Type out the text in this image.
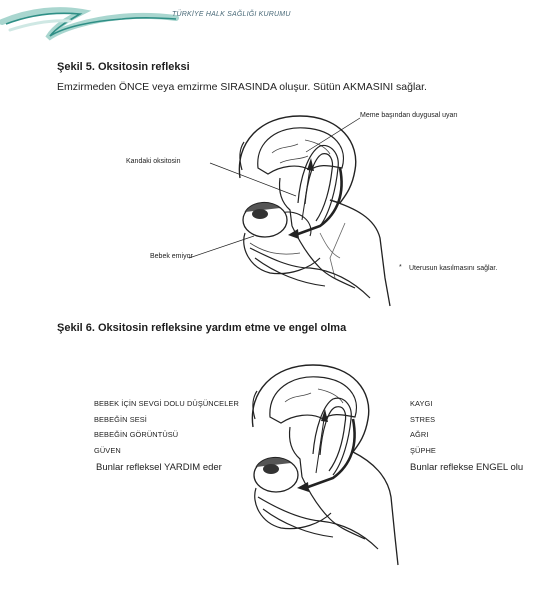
TÜRKİYE HALK SAĞLIĞI KURUMU
Şekil 5. Oksitosin refleksi
Emzirmeden ÖNCE veya emzirme SIRASINDA oluşur. Sütün AKMASINI sağlar.
Meme başından duygusal uyarı
Kandaki oksitosin
Bebek emiyor
* Uterusun kasılmasını sağlar.
Şekil 6. Oksitosin refleksine yardım etme ve engel olma
BEBEK İÇİN SEVGİ DOLU DÜŞÜNCELER
BEBEĞİN SESİ
BEBEĞİN GÖRÜNTÜSÜ
GÜVEN
Bunlar refleksel YARDIM eder
KAYGI
STRES
AĞRI
ŞÜPHE
Bunlar reflekse ENGEL olu
